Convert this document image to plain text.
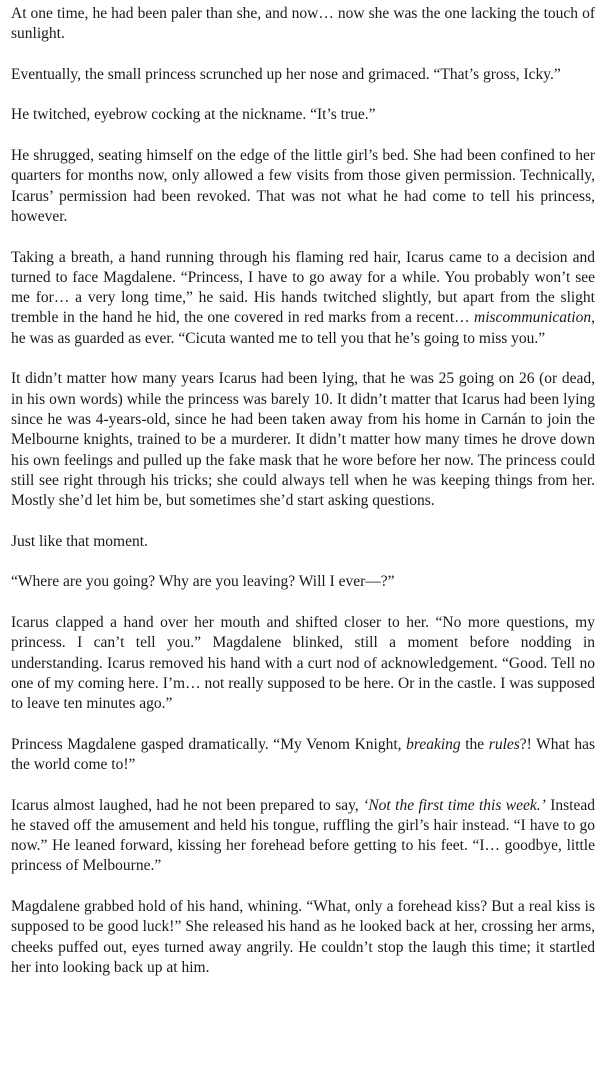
At one time, he had been paler than she, and now… now she was the one lacking the touch of sunlight.

Eventually, the small princess scrunched up her nose and grimaced. “That’s gross, Icky.”

He twitched, eyebrow cocking at the nickname. “It’s true.”

He shrugged, seating himself on the edge of the little girl’s bed. She had been confined to her quarters for months now, only allowed a few visits from those given permission. Technically, Icarus’ permission had been revoked. That was not what he had come to tell his princess, however.

Taking a breath, a hand running through his flaming red hair, Icarus came to a decision and turned to face Magdalene. “Princess, I have to go away for a while. You probably won’t see me for… a very long time,” he said. His hands twitched slightly, but apart from the slight tremble in the hand he hid, the one covered in red marks from a recent… miscommunication, he was as guarded as ever. “Cicuta wanted me to tell you that he’s going to miss you.”

It didn’t matter how many years Icarus had been lying, that he was 25 going on 26 (or dead, in his own words) while the princess was barely 10. It didn’t matter that Icarus had been lying since he was 4-years-old, since he had been taken away from his home in Carnán to join the Melbourne knights, trained to be a murderer. It didn’t matter how many times he drove down his own feelings and pulled up the fake mask that he wore before her now. The princess could still see right through his tricks; she could always tell when he was keeping things from her. Mostly she’d let him be, but sometimes she’d start asking questions.

Just like that moment.

“Where are you going? Why are you leaving? Will I ever—?”

Icarus clapped a hand over her mouth and shifted closer to her. “No more questions, my princess. I can’t tell you.” Magdalene blinked, still a moment before nodding in understanding. Icarus removed his hand with a curt nod of acknowledgement. “Good. Tell no one of my coming here. I’m… not really supposed to be here. Or in the castle. I was supposed to leave ten minutes ago.”

Princess Magdalene gasped dramatically. “My Venom Knight, breaking the rules?! What has the world come to!”

Icarus almost laughed, had he not been prepared to say, ‘Not the first time this week.’ Instead he staved off the amusement and held his tongue, ruffling the girl’s hair instead. “I have to go now.” He leaned forward, kissing her forehead before getting to his feet. “I… goodbye, little princess of Melbourne.”

Magdalene grabbed hold of his hand, whining. “What, only a forehead kiss? But a real kiss is supposed to be good luck!” She released his hand as he looked back at her, crossing her arms, cheeks puffed out, eyes turned away angrily. He couldn’t stop the laugh this time; it startled her into looking back up at him.
